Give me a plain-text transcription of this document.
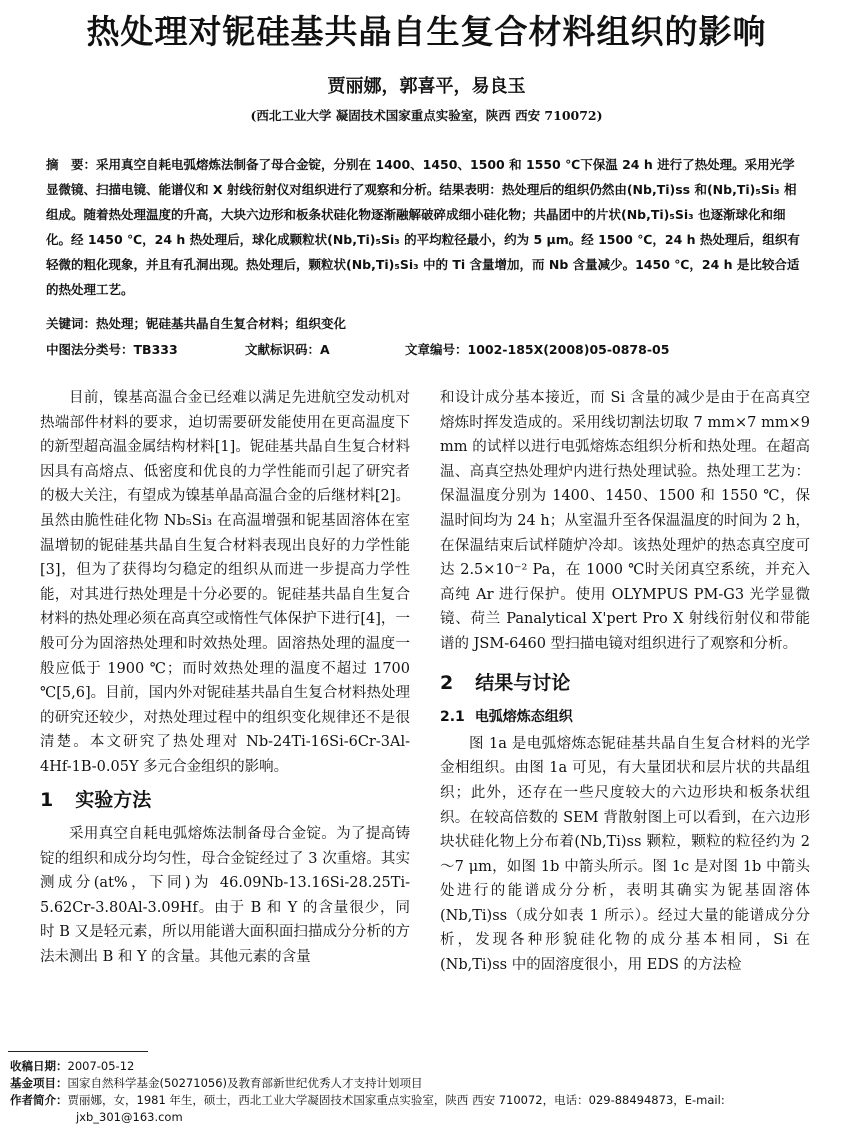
热处理对铌硅基共晶自生复合材料组织的影响
贾丽娜，郭喜平，易良玉
(西北工业大学 凝固技术国家重点实验室，陕西 西安 710072)
摘　要：采用真空自耗电弧熔炼法制备了母合金锭，分别在 1400、1450、1500 和 1550 ℃下保温 24 h 进行了热处理。采用光学显微镜、扫描电镜、能谱仪和 X 射线衍射仪对组织进行了观察和分析。结果表明：热处理后的组织仍然由(Nb,Ti)ss 和(Nb,Ti)₅Si₃ 相组成。随着热处理温度的升高，大块六边形和板条状硅化物逐渐融解破碎成细小硅化物；共晶团中的片状(Nb,Ti)₅Si₃ 也逐渐球化和细化。经 1450 ℃，24 h 热处理后，球化成颗粒状(Nb,Ti)₅Si₃ 的平均粒径最小，约为 5 μm。经 1500 ℃，24 h 热处理后，组织有轻微的粗化现象，并且有孔洞出现。热处理后，颗粒状(Nb,Ti)₅Si₃ 中的 Ti 含量增加，而 Nb 含量减少。1450 ℃，24 h 是比较合适的热处理工艺。
关键词：热处理；铌硅基共晶自生复合材料；组织变化
中图法分类号：TB333	文献标识码：A	文章编号：1002-185X(2008)05-0878-05

目前，镍基高温合金已经难以满足先进航空发动机对热端部件材料的要求，迫切需要研发能使用在更高温度下的新型超高温金属结构材料[1]。铌硅基共晶自生复合材料因具有高熔点、低密度和优良的力学性能而引起了研究者的极大关注，有望成为镍基单晶高温合金的后继材料[2]。虽然由脆性硅化物 Nb₅Si₃ 在高温增强和铌基固溶体在室温增韧的铌硅基共晶自生复合材料表现出良好的力学性能[3]，但为了获得均匀稳定的组织从而进一步提高力学性能，对其进行热处理是十分必要的。铌硅基共晶自生复合材料的热处理必须在高真空或惰性气体保护下进行[4]，一般可分为固溶热处理和时效热处理。固溶热处理的温度一般应低于 1900 ℃；而时效热处理的温度不超过 1700 ℃[5,6]。目前，国内外对铌硅基共晶自生复合材料热处理的研究还较少，对热处理过程中的组织变化规律还不是很清楚。本文研究了热处理对 Nb-24Ti-16Si-6Cr-3Al-4Hf-1B-0.05Y 多元合金组织的影响。

1 实验方法

采用真空自耗电弧熔炼法制备母合金锭。为了提高铸锭的组织和成分均匀性，母合金锭经过了 3 次重熔。其实测成分(at%，下同)为 46.09Nb-13.16Si-28.25Ti-5.62Cr-3.80Al-3.09Hf。由于 B 和 Y 的含量很少，同时 B 又是轻元素，所以用能谱大面积面扫描成分分析的方法未测出 B 和 Y 的含量。其他元素的含量

和设计成分基本接近，而 Si 含量的减少是由于在高真空熔炼时挥发造成的。采用线切割法切取 7 mm×7 mm×9 mm 的试样以进行电弧熔炼态组织分析和热处理。在超高温、高真空热处理炉内进行热处理试验。热处理工艺为：保温温度分别为 1400、1450、1500 和 1550 ℃，保温时间均为 24 h；从室温升至各保温温度的时间为 2 h，在保温结束后试样随炉冷却。该热处理炉的热态真空度可达 2.5×10⁻² Pa，在 1000 ℃时关闭真空系统，并充入高纯 Ar 进行保护。使用 OLYMPUS PM-G3 光学显微镜、荷兰 Panalytical X'pert Pro X 射线衍射仪和带能谱的 JSM-6460 型扫描电镜对组织进行了观察和分析。

2 结果与讨论
2.1 电弧熔炼态组织

图 1a 是电弧熔炼态铌硅基共晶自生复合材料的光学金相组织。由图 1a 可见，有大量团状和层片状的共晶组织；此外，还存在一些尺度较大的六边形块和板条状组织。在较高倍数的 SEM 背散射图上可以看到，在六边形块状硅化物上分布着(Nb,Ti)ss 颗粒，颗粒的粒径约为 2～7 μm，如图 1b 中箭头所示。图 1c 是对图 1b 中箭头处进行的能谱成分分析，表明其确实为铌基固溶体(Nb,Ti)ss（成分如表 1 所示）。经过大量的能谱成分分析，发现各种形貌硅化物的成分基本相同，Si 在(Nb,Ti)ss 中的固溶度很小，用 EDS 的方法检

收稿日期： 2007-05-12
基金项目： 国家自然科学基金(50271056)及教育部新世纪优秀人才支持计划项目
作者简介： 贾丽娜，女，1981 年生，硕士，西北工业大学凝固技术国家重点实验室，陕西 西安 710072，电话：029-88494873，E-mail:
jxb_301@163.com
